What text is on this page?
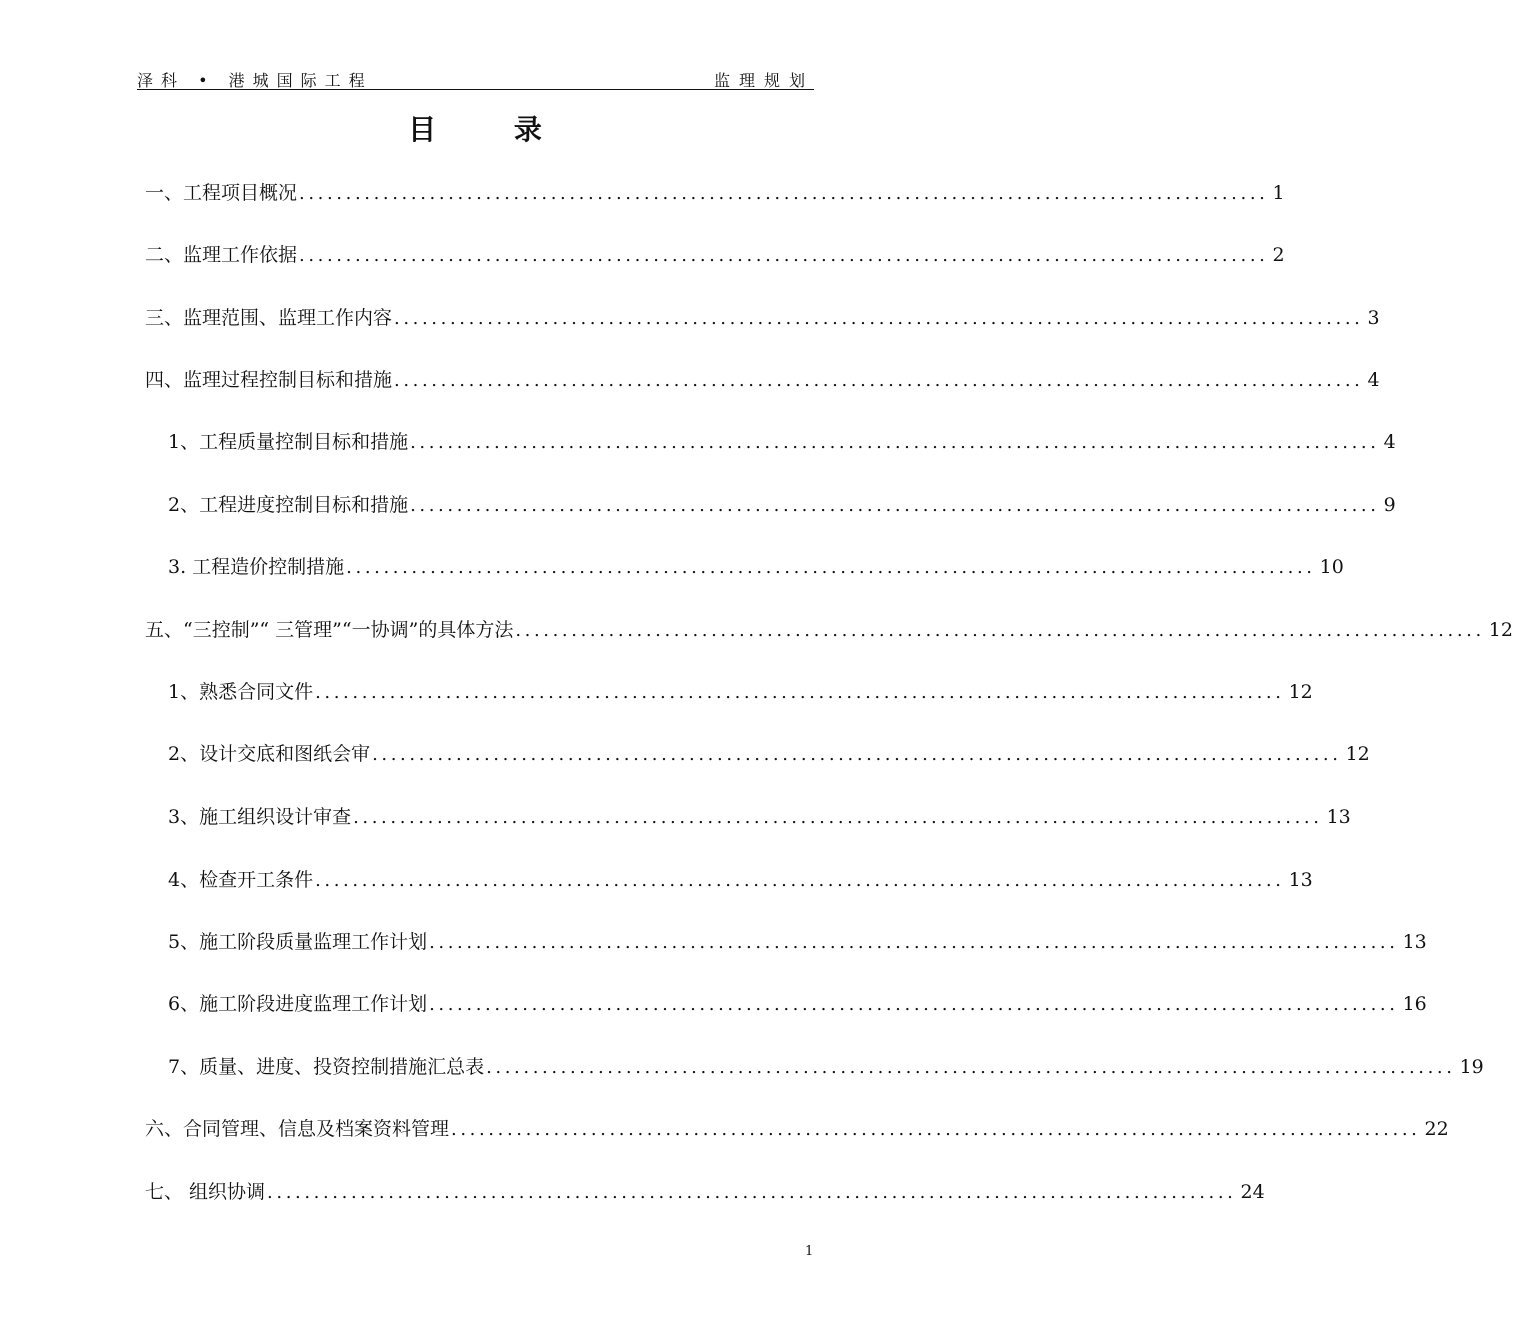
泽科 • 港城国际工程	监理规划
目 录
一、工程项目概况 ........................................................................................................ 1
二、监理工作依据 ........................................................................................................ 2
三、监理范围、监理工作内容 ........................................................................................................ 3
四、监理过程控制目标和措施 ........................................................................................................ 4
1、工程质量控制目标和措施 ........................................................................................................ 4
2、工程进度控制目标和措施 ........................................................................................................ 9
3. 工程造价控制措施 ........................................................................................................ 10
五、“三控制”“ 三管理”“一协调”的具体方法 ........................................................................................................ 12
1、熟悉合同文件 ........................................................................................................ 12
2、设计交底和图纸会审 ........................................................................................................ 12
3、施工组织设计审查 ........................................................................................................ 13
4、检查开工条件 ........................................................................................................ 13
5、施工阶段质量监理工作计划 ........................................................................................................ 13
6、施工阶段进度监理工作计划 ........................................................................................................ 16
7、质量、进度、投资控制措施汇总表 ........................................................................................................ 19
六、合同管理、信息及档案资料管理 ........................................................................................................ 22
七、 组织协调 ........................................................................................................ 24
1
